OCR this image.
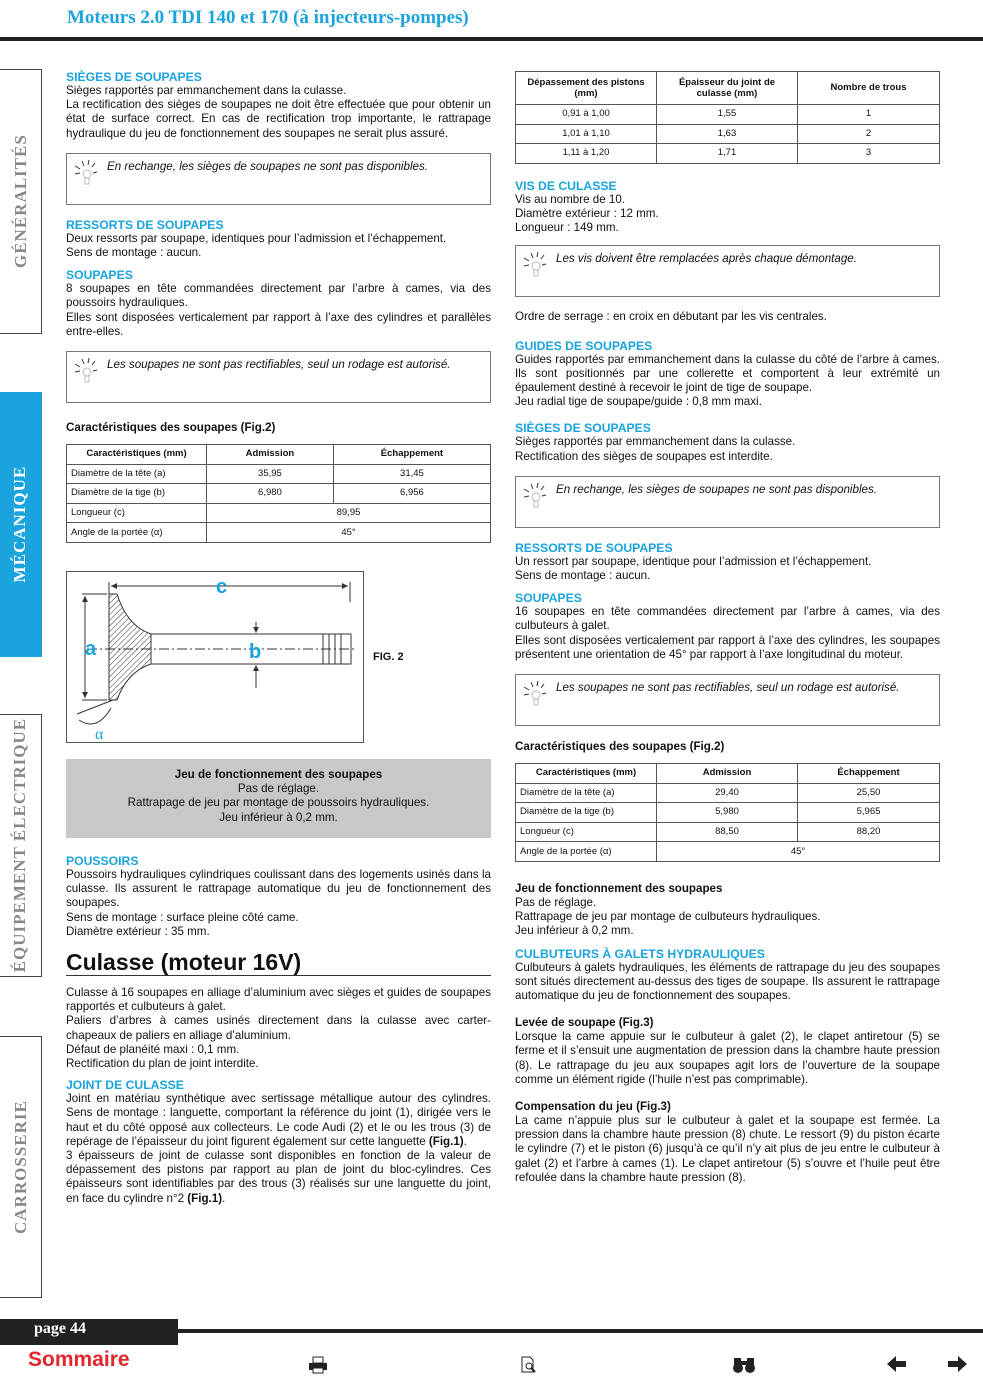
Moteurs 2.0 TDI 140 et 170 (à injecteurs-pompes)
GÉNÉRALITÉS
MÉCANIQUE
ÉQUIPEMENT ÉLECTRIQUE
CARROSSERIE
SIÈGES DE SOUPAPES

Sièges rapportés par emmanchement dans la culasse.

La rectification des sièges de soupapes ne doit être effectuée que pour obtenir un état de surface correct. En cas de rectification trop importante, le rattrapage hydraulique du jeu de fonctionnement des soupapes ne serait plus assuré.

En rechange, les sièges de soupapes ne sont pas disponibles.
RESSORTS DE SOUPAPES

Deux ressorts par soupape, identiques pour l’admission et l’échappement.

Sens de montage : aucun.

SOUPAPES

8 soupapes en tête commandées directement par l’arbre à cames, via des poussoirs hydrauliques.

Elles sont disposées verticalement par rapport à l’axe des cylindres et parallèles entre-elles.

Les soupapes ne sont pas rectifiables, seul un rodage est autorisé.
Caractéristiques des soupapes (Fig.2)
Caractéristiques (mm)	Admission	Échappement
Diamètre de la tête (a)	35,95	31,45
Diamètre de la tige (b)	6,980	6,956
Longueur (c)	89,95	
Angle de la portée (α)	45°	
c
a	b
α
FIG. 2
Jeu de fonctionnement des soupapes
Pas de réglage.
Rattrapage de jeu par montage de poussoirs hydrauliques.
Jeu inférieur à 0,2 mm.
POUSSOIRS

Poussoirs hydrauliques cylindriques coulissant dans des logements usinés dans la culasse. Ils assurent le rattrapage automatique du jeu de fonctionnement des soupapes.

Sens de montage : surface pleine côté came.

Diamètre extérieur : 35 mm.

Culasse (moteur 16V)

Culasse à 16 soupapes en alliage d’aluminium avec sièges et guides de soupapes rapportés et culbuteurs à galet.

Paliers d’arbres à cames usinés directement dans la culasse avec carter-chapeaux de paliers en alliage d’aluminium.

Défaut de planéité maxi : 0,1 mm.

Rectification du plan de joint interdite.

JOINT DE CULASSE

Joint en matériau synthétique avec sertissage métallique autour des cylindres. Sens de montage : languette, comportant la référence du joint (1), dirigée vers le haut et du côté opposé aux collecteurs. Le code Audi (2) et le ou les trous (3) de repérage de l’épaisseur du joint figurent également sur cette languette (Fig.1).

3 épaisseurs de joint de culasse sont disponibles en fonction de la valeur de dépassement des pistons par rapport au plan de joint du bloc-cylindres. Ces épaisseurs sont identifiables par des trous (3) réalisés sur une languette du joint, en face du cylindre n°2 (Fig.1).

Dépassement des pistons (mm)	Épaisseur du joint de culasse (mm)	Nombre de trous
0,91 à 1,00	1,55	1
1,01 à 1,10	1,63	2
1,11 à 1,20	1,71	3
VIS DE CULASSE

Vis au nombre de 10.

Diamètre extérieur : 12 mm.

Longueur : 149 mm.

Les vis doivent être remplacées après chaque démontage.

Ordre de serrage : en croix en débutant par les vis centrales.

GUIDES DE SOUPAPES

Guides rapportés par emmanchement dans la culasse du côté de l’arbre à cames. Ils sont positionnés par une collerette et comportent à leur extrémité un épaulement destiné à recevoir le joint de tige de soupape.

Jeu radial tige de soupape/guide : 0,8 mm maxi.

SIÈGES DE SOUPAPES

Sièges rapportés par emmanchement dans la culasse.

Rectification des sièges de soupapes est interdite.

En rechange, les sièges de soupapes ne sont pas disponibles.
RESSORTS DE SOUPAPES

Un ressort par soupape, identique pour l’admission et l’échappement.

Sens de montage : aucun.

SOUPAPES

16 soupapes en tête commandées directement par l’arbre à cames, via des culbuteurs à galet.

Elles sont disposées verticalement par rapport à l’axe des cylindres, les soupapes présentent une orientation de 45° par rapport à l’axe longitudinal du moteur.

Les soupapes ne sont pas rectifiables, seul un rodage est autorisé.
Caractéristiques des soupapes (Fig.2)
Caractéristiques (mm)	Admission	Échappement
Diamètre de la tête (a)	29,40	25,50
Diamètre de la tige (b)	5,980	5,965
Longueur (c)	88,50	88,20
Angle de la portée (α)	45°	
Jeu de fonctionnement des soupapes

Pas de réglage.

Rattrapage de jeu par montage de culbuteurs hydrauliques.

Jeu inférieur à 0,2 mm.

CULBUTEURS À GALETS HYDRAULIQUES

Culbuteurs à galets hydrauliques, les éléments de rattrapage du jeu des soupapes sont situés directement au-dessus des tiges de soupape. Ils assurent le rattrapage automatique du jeu de fonctionnement des soupapes.

Levée de soupape (Fig.3)

Lorsque la came appuie sur le culbuteur à galet (2), le clapet antiretour (5) se ferme et il s’ensuit une augmentation de pression dans la chambre haute pression (8). Le rattrapage du jeu aux soupapes agit lors de l’ouverture de la soupape comme un élément rigide (l’huile n’est pas comprimable).

Compensation du jeu (Fig.3)

La came n’appuie plus sur le culbuteur à galet et la soupape est fermée. La pression dans la chambre haute pression (8) chute. Le ressort (9) du piston écarte le cylindre (7) et le piston (6) jusqu’à ce qu’il n’y ait plus de jeu entre le culbuteur à galet (2) et l’arbre à cames (1). Le clapet antiretour (5) s’ouvre et l’huile peut être refoulée dans la chambre haute pression (8).

page 44
Sommaire
